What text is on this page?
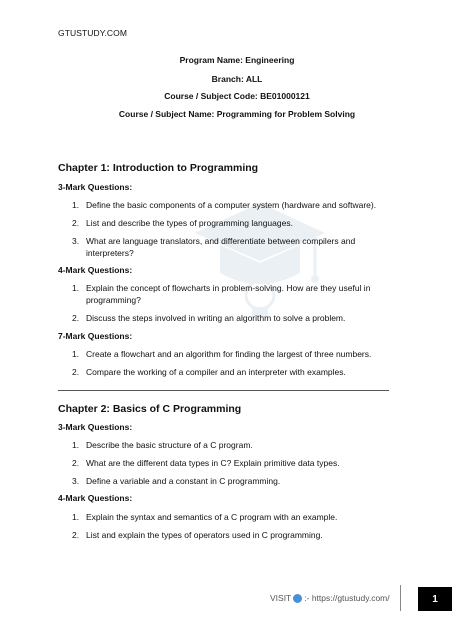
GTUSTUDY.COM
Program Name: Engineering
Branch: ALL
Course / Subject Code: BE01000121
Course / Subject Name: Programming for Problem Solving
Chapter 1: Introduction to Programming
3-Mark Questions:
1. Define the basic components of a computer system (hardware and software).
2. List and describe the types of programming languages.
3. What are language translators, and differentiate between compilers and interpreters?
4-Mark Questions:
1. Explain the concept of flowcharts in problem-solving. How are they useful in programming?
2. Discuss the steps involved in writing an algorithm to solve a problem.
7-Mark Questions:
1. Create a flowchart and an algorithm for finding the largest of three numbers.
2. Compare the working of a compiler and an interpreter with examples.
Chapter 2: Basics of C Programming
3-Mark Questions:
1. Describe the basic structure of a C program.
2. What are the different data types in C? Explain primitive data types.
3. Define a variable and a constant in C programming.
4-Mark Questions:
1. Explain the syntax and semantics of a C program with an example.
2. List and explain the types of operators used in C programming.
VISIT :- https://gtustudy.com/	1
